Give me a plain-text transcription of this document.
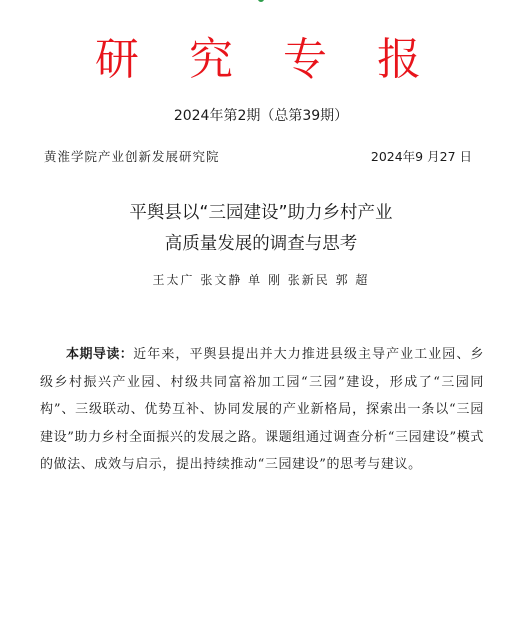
研 究 专 报
2024年第2期（总第39期）
黄淮学院产业创新发展研究院	2024年9 月27 日
平舆县以“三园建设”助力乡村产业
高质量发展的调查与思考
王太广 张文静 单 刚 张新民 郭 超
本期导读：近年来，平舆县提出并大力推进县级主导产业工业园、乡级乡村振兴产业园、村级共同富裕加工园“三园”建设，形成了“三园同构”、三级联动、优势互补、协同发展的产业新格局，探索出一条以“三园建设”助力乡村全面振兴的发展之路。课题组通过调查分析“三园建设”模式的做法、成效与启示，提出持续推动“三园建设”的思考与建议。
